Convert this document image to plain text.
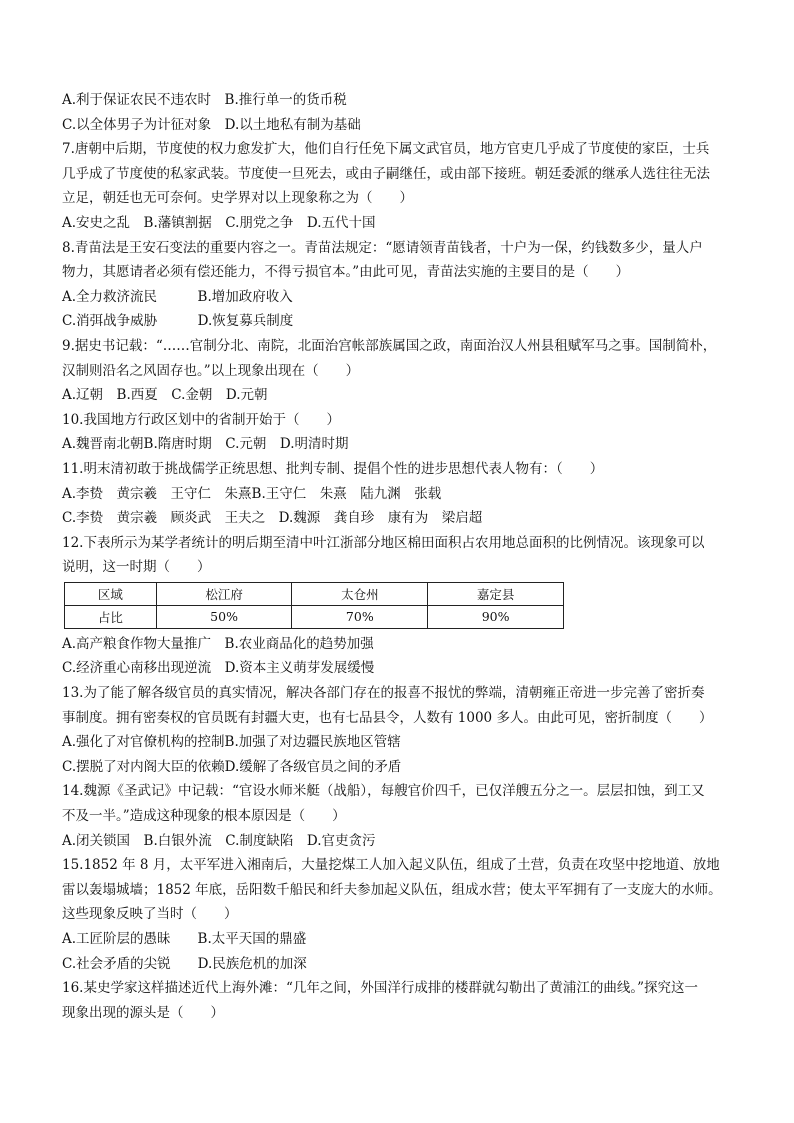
A.利于保证农民不违农时　B.推行单一的货币税
C.以全体男子为计征对象　D.以土地私有制为基础
7.唐朝中后期，节度使的权力愈发扩大，他们自行任免下属文武官员，地方官吏几乎成了节度使的家臣，士兵
几乎成了节度使的私家武装。节度使一旦死去，或由子嗣继任，或由部下接班。朝廷委派的继承人选往往无法
立足，朝廷也无可奈何。史学界对以上现象称之为（　　）
A.安史之乱　B.藩镇割据　C.朋党之争　D.五代十国
8.青苗法是王安石变法的重要内容之一。青苗法规定：“愿请领青苗钱者，十户为一保，约钱数多少，量人户
物力，其愿请者必须有偿还能力，不得亏损官本。”由此可见，青苗法实施的主要目的是（　　）
A.全力救济流民　　　B.增加政府收入
C.消弭战争威胁　　　D.恢复募兵制度
9.据史书记载：“……官制分北、南院，北面治宫帐部族属国之政，南面治汉人州县租赋军马之事。国制简朴，
汉制则沿名之风固存也。”以上现象出现在（　　）
A.辽朝　B.西夏　C.金朝　D.元朝
10.我国地方行政区划中的省制开始于（　　）
A.魏晋南北朝B.隋唐时期　C.元朝　D.明清时期
11.明末清初敢于挑战儒学正统思想、批判专制、提倡个性的进步思想代表人物有：（　　）
A.李贽　黄宗羲　王守仁　朱熹B.王守仁　朱熹　陆九渊　张载
C.李贽　黄宗羲　顾炎武　王夫之　D.魏源　龚自珍　康有为　梁启超
12.下表所示为某学者统计的明后期至清中叶江浙部分地区棉田面积占农用地总面积的比例情况。该现象可以
说明，这一时期（　　）
区域	松江府	太仓州	嘉定县
占比	50%	70%	90%
A.高产粮食作物大量推广　B.农业商品化的趋势加强
C.经济重心南移出现逆流　D.资本主义萌芽发展缓慢
13.为了能了解各级官员的真实情况，解决各部门存在的报喜不报忧的弊端，清朝雍正帝进一步完善了密折奏
事制度。拥有密奏权的官员既有封疆大吏，也有七品县令，人数有 1000 多人。由此可见，密折制度（　　）
A.强化了对官僚机构的控制B.加强了对边疆民族地区管辖
C.摆脱了对内阁大臣的依赖D.缓解了各级官员之间的矛盾
14.魏源《圣武记》中记载：“官设水师米艇（战船），每艘官价四千，已仅洋艘五分之一。层层扣蚀，到工又
不及一半。”造成这种现象的根本原因是（　　）
A.闭关锁国　B.白银外流　C.制度缺陷　D.官吏贪污
15.1852 年 8 月，太平军进入湘南后，大量挖煤工人加入起义队伍，组成了土营，负责在攻坚中挖地道、放地
雷以轰塌城墙；1852 年底，岳阳数千船民和纤夫参加起义队伍，组成水营；使太平军拥有了一支庞大的水师。
这些现象反映了当时（　　）
A.工匠阶层的愚昧　　B.太平天国的鼎盛
C.社会矛盾的尖锐　　D.民族危机的加深
16.某史学家这样描述近代上海外滩：“几年之间，外国洋行成排的楼群就勾勒出了黄浦江的曲线。”探究这一
现象出现的源头是（　　）
